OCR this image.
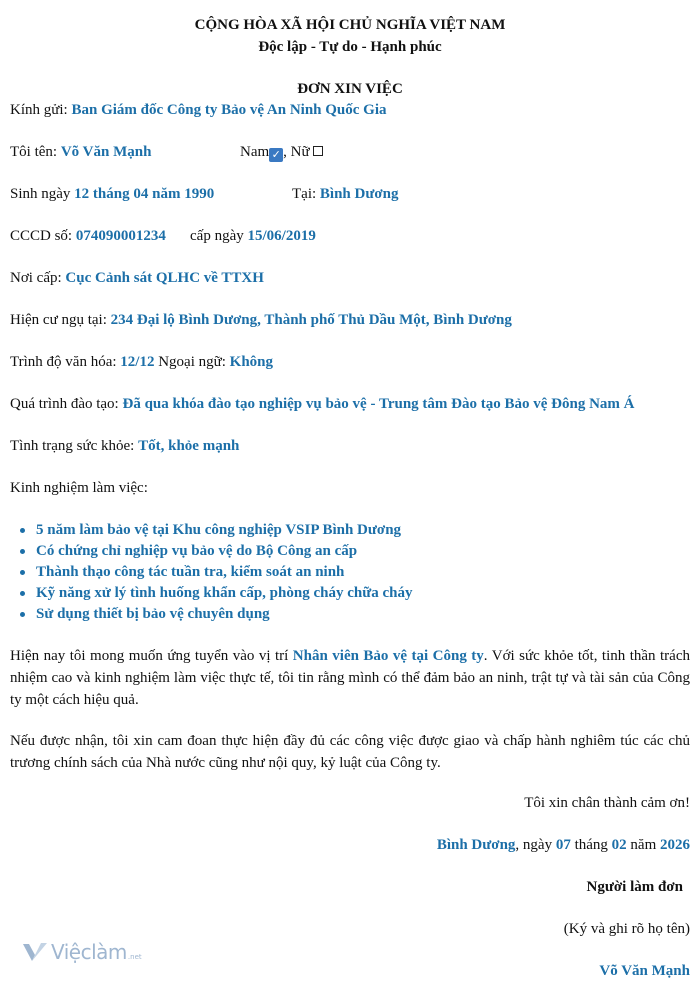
CỘNG HÒA XÃ HỘI CHỦ NGHĨA VIỆT NAM
Độc lập - Tự do - Hạnh phúc
ĐƠN XIN VIỆC
Kính gửi: Ban Giám đốc Công ty Bảo vệ An Ninh Quốc Gia
Tôi tên: Võ Văn Mạnh	Nam ✓ , Nữ
Sinh ngày 12 tháng 04 năm 1990	Tại: Bình Dương
CCCD số: 074090001234 cấp ngày 15/06/2019
Nơi cấp: Cục Cảnh sát QLHC về TTXH
Hiện cư ngụ tại: 234 Đại lộ Bình Dương, Thành phố Thủ Dầu Một, Bình Dương
Trình độ văn hóa: 12/12 Ngoại ngữ: Không
Quá trình đào tạo: Đã qua khóa đào tạo nghiệp vụ bảo vệ - Trung tâm Đào tạo Bảo vệ Đông Nam Á
Tình trạng sức khỏe: Tốt, khỏe mạnh
Kinh nghiệm làm việc:
5 năm làm bảo vệ tại Khu công nghiệp VSIP Bình Dương
Có chứng chỉ nghiệp vụ bảo vệ do Bộ Công an cấp
Thành thạo công tác tuần tra, kiểm soát an ninh
Kỹ năng xử lý tình huống khẩn cấp, phòng cháy chữa cháy
Sử dụng thiết bị bảo vệ chuyên dụng
Hiện nay tôi mong muốn ứng tuyển vào vị trí Nhân viên Bảo vệ tại Công ty. Với sức khỏe tốt, tinh thần trách nhiệm cao và kinh nghiệm làm việc thực tế, tôi tin rằng mình có thể đảm bảo an ninh, trật tự và tài sản của Công ty một cách hiệu quả.
Nếu được nhận, tôi xin cam đoan thực hiện đầy đủ các công việc được giao và chấp hành nghiêm túc các chủ trương chính sách của Nhà nước cũng như nội quy, kỷ luật của Công ty.
Tôi xin chân thành cảm ơn!
Bình Dương, ngày 07 tháng 02 năm 2026
Người làm đơn
(Ký và ghi rõ họ tên)
Võ Văn Mạnh
Việclàm .net
